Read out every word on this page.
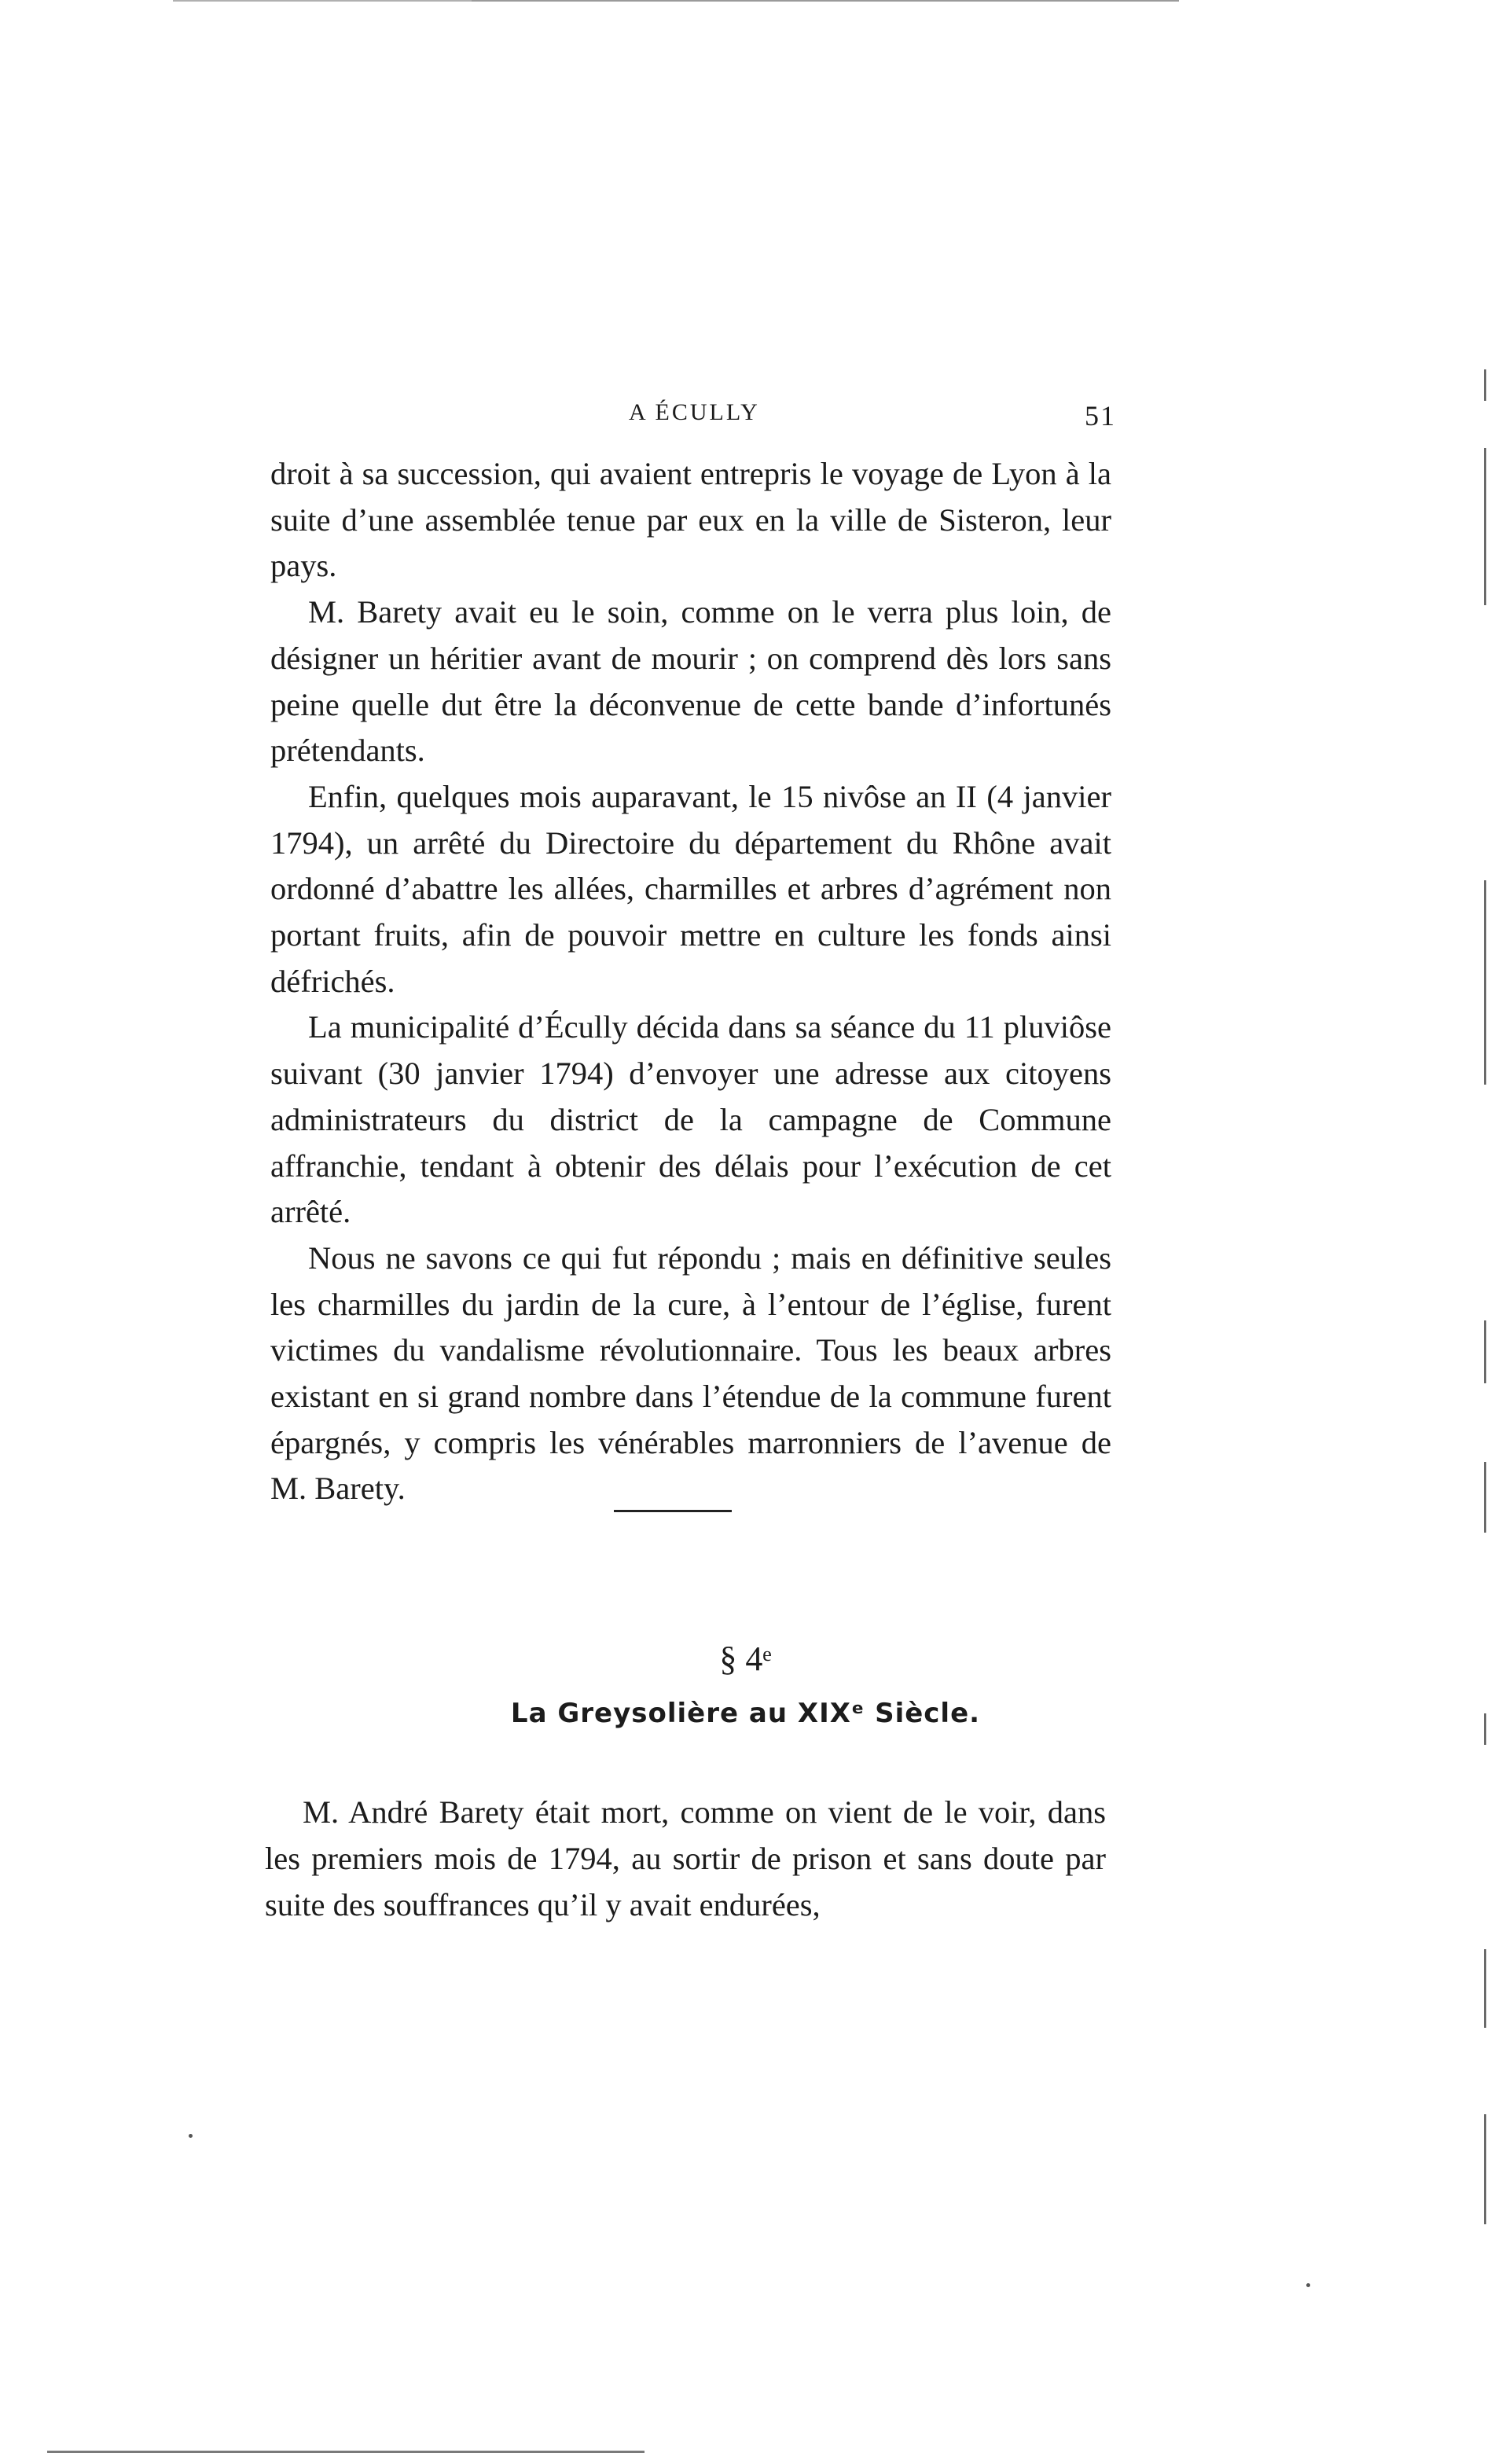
A ÉCULLY	51

droit à sa succession, qui avaient entrepris le voyage de Lyon à la suite d’une assemblée tenue par eux en la ville de Sisteron, leur pays.

M. Barety avait eu le soin, comme on le verra plus loin, de désigner un héritier avant de mourir ; on comprend dès lors sans peine quelle dut être la déconvenue de cette bande d’infortunés prétendants.

Enfin, quelques mois auparavant, le 15 nivôse an II (4 janvier 1794), un arrêté du Directoire du département du Rhône avait ordonné d’abattre les allées, charmilles et arbres d’agrément non portant fruits, afin de pouvoir mettre en culture les fonds ainsi défrichés.

La municipalité d’Écully décida dans sa séance du 11 pluviôse suivant (30 janvier 1794) d’envoyer une adresse aux citoyens administrateurs du district de la campagne de Commune affranchie, tendant à obtenir des délais pour l’exécution de cet arrêté.

Nous ne savons ce qui fut répondu ; mais en définitive seules les charmilles du jardin de la cure, à l’entour de l’église, furent victimes du vandalisme révolutionnaire. Tous les beaux arbres existant en si grand nombre dans l’étendue de la commune furent épargnés, y compris les vénérables marronniers de l’avenue de M. Barety.

§ 4ᵉ
La Greysolière au XIXᵉ Siècle.

M. André Barety était mort, comme on vient de le voir, dans les premiers mois de 1794, au sortir de prison et sans doute par suite des souffrances qu’il y avait endurées,
